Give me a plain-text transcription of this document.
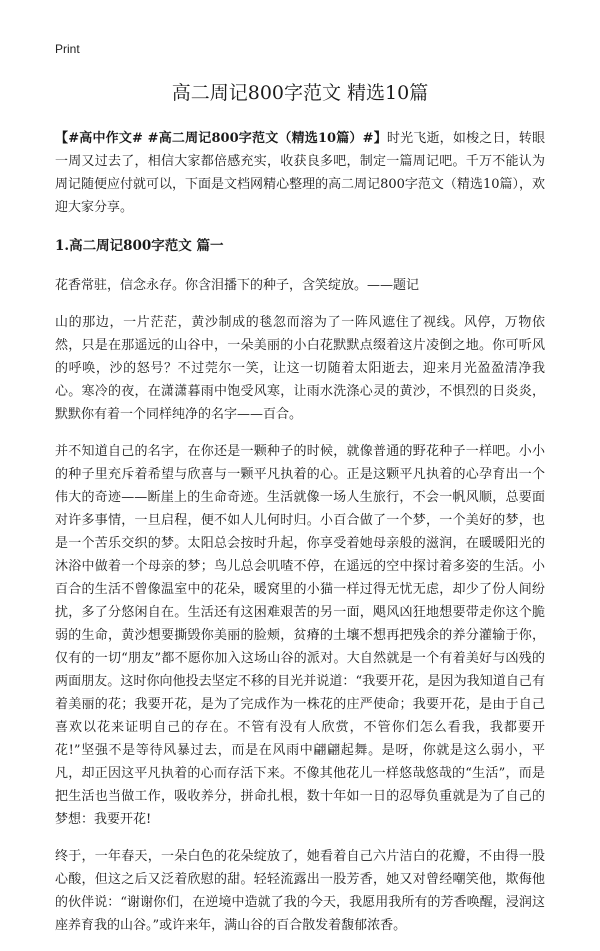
Print
高二周记800字范文 精选10篇

【#高中作文# #高二周记800字范文（精选10篇）#】时光飞逝，如梭之日，转眼一周又过去了，相信大家都倍感充实，收获良多吧，制定一篇周记吧。千万不能认为周记随便应付就可以，下面是文档网精心整理的高二周记800字范文（精选10篇），欢迎大家分享。

1.高二周记800字范文 篇一

花香常驻，信念永存。你含泪播下的种子，含笑绽放。——题记

山的那边，一片茫茫，黄沙制成的毯忽而溶为了一阵风遮住了视线。风停，万物依然，只是在那遥远的山谷中，一朵美丽的小白花默默点缀着这片凌倒之地。你可听风的呼唤，沙的怒号？不过莞尔一笑，让这一切随着太阳逝去，迎来月光盈盈清净我心。寒冷的夜，在潇潇暮雨中饱受风寒，让雨水洗涤心灵的黄沙，不惧烈的日炎炎，默默你有着一个同样纯净的名字——百合。

并不知道自己的名字，在你还是一颗种子的时候，就像普通的野花种子一样吧。小小的种子里充斥着希望与欣喜与一颗平凡执着的心。正是这颗平凡执着的心孕育出一个伟大的奇迹——断崖上的生命奇迹。生活就像一场人生旅行，不会一帆风顺，总要面对许多事情，一旦启程，便不如人儿何时归。小百合做了一个梦，一个美好的梦，也是一个苦乐交织的梦。太阳总会按时升起，你享受着她母亲般的滋润，在暖暖阳光的沐浴中做着一个母亲的梦；鸟儿总会叽喳不停，在遥远的空中探讨着多姿的生活。小百合的生活不曾像温室中的花朵，暖窝里的小猫一样过得无忧无虑，却少了份人间纷扰，多了分悠闲自在。生活还有这困难艰苦的另一面，飓风凶狂地想要带走你这个脆弱的生命，黄沙想要撕毁你美丽的脸颊，贫瘠的土壤不想再把残余的养分灌输于你，仅有的一切“朋友”都不愿你加入这场山谷的派对。大自然就是一个有着美好与凶残的两面朋友。这时你向他投去坚定不移的目光并说道：“我要开花，是因为我知道自己有着美丽的花；我要开花，是为了完成作为一株花的庄严使命；我要开花，是由于自己喜欢以花来证明自己的存在。不管有没有人欣赏，不管你们怎么看我，我都要开花!”坚强不是等待风暴过去，而是在风雨中翩翩起舞。是呀，你就是这么弱小，平凡，却正因这平凡执着的心而存活下来。不像其他花儿一样悠哉悠哉的“生活”，而是把生活也当做工作，吸收养分，拼命扎根，数十年如一日的忍辱负重就是为了自己的梦想：我要开花!

终于，一年春天，一朵白色的花朵绽放了，她看着自己六片洁白的花瓣，不由得一股心酸，但这之后又泛着欣慰的甜。轻轻流露出一股芳香，她又对曾经嘲笑他，欺侮他的伙伴说：“谢谢你们，在逆境中造就了我的今天，我愿用我所有的芳香唤醒，浸润这座养育我的山谷。”或许来年，满山谷的百合散发着馥郁浓香。
